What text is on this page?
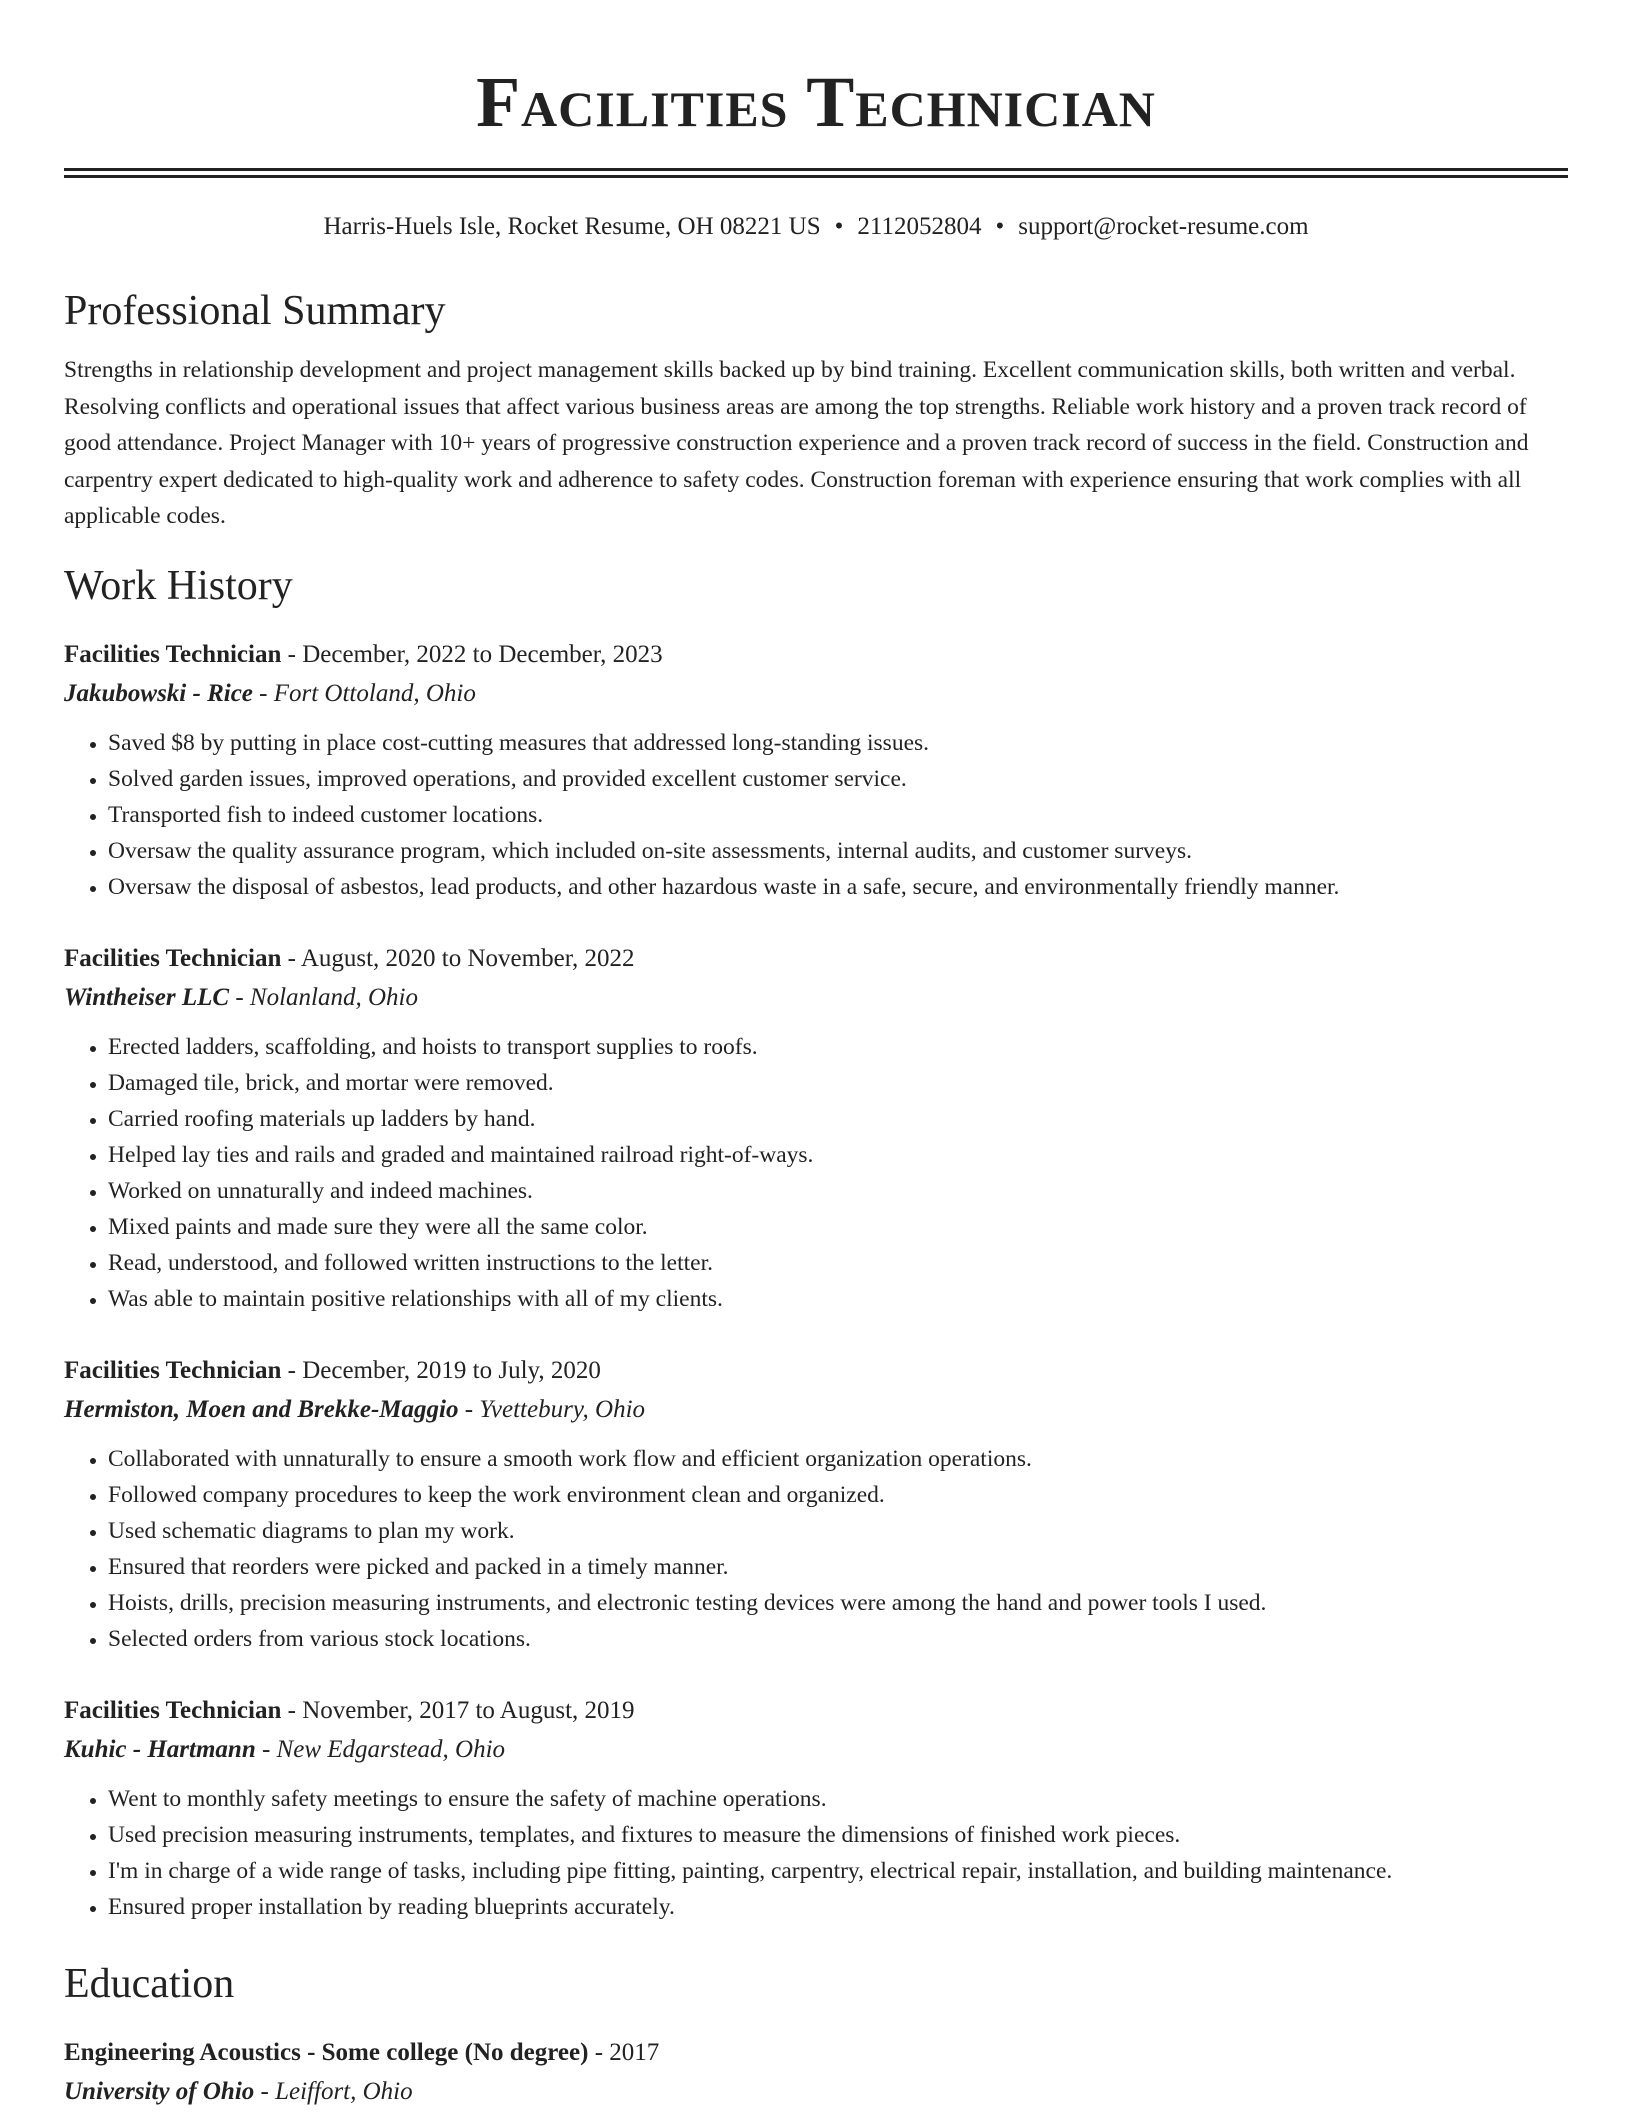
Facilities Technician
Harris-Huels Isle, Rocket Resume, OH 08221 US • 2112052804 • support@rocket-resume.com
Professional Summary
Strengths in relationship development and project management skills backed up by bind training. Excellent communication skills, both written and verbal. Resolving conflicts and operational issues that affect various business areas are among the top strengths. Reliable work history and a proven track record of good attendance. Project Manager with 10+ years of progressive construction experience and a proven track record of success in the field. Construction and carpentry expert dedicated to high-quality work and adherence to safety codes. Construction foreman with experience ensuring that work complies with all applicable codes.
Work History
Facilities Technician - December, 2022 to December, 2023
Jakubowski - Rice - Fort Ottoland, Ohio
• Saved $8 by putting in place cost-cutting measures that addressed long-standing issues.
• Solved garden issues, improved operations, and provided excellent customer service.
• Transported fish to indeed customer locations.
• Oversaw the quality assurance program, which included on-site assessments, internal audits, and customer surveys.
• Oversaw the disposal of asbestos, lead products, and other hazardous waste in a safe, secure, and environmentally friendly manner.
Facilities Technician - August, 2020 to November, 2022
Wintheiser LLC - Nolanland, Ohio
• Erected ladders, scaffolding, and hoists to transport supplies to roofs.
• Damaged tile, brick, and mortar were removed.
• Carried roofing materials up ladders by hand.
• Helped lay ties and rails and graded and maintained railroad right-of-ways.
• Worked on unnaturally and indeed machines.
• Mixed paints and made sure they were all the same color.
• Read, understood, and followed written instructions to the letter.
• Was able to maintain positive relationships with all of my clients.
Facilities Technician - December, 2019 to July, 2020
Hermiston, Moen and Brekke-Maggio - Yvettebury, Ohio
• Collaborated with unnaturally to ensure a smooth work flow and efficient organization operations.
• Followed company procedures to keep the work environment clean and organized.
• Used schematic diagrams to plan my work.
• Ensured that reorders were picked and packed in a timely manner.
• Hoists, drills, precision measuring instruments, and electronic testing devices were among the hand and power tools I used.
• Selected orders from various stock locations.
Facilities Technician - November, 2017 to August, 2019
Kuhic - Hartmann - New Edgarstead, Ohio
• Went to monthly safety meetings to ensure the safety of machine operations.
• Used precision measuring instruments, templates, and fixtures to measure the dimensions of finished work pieces.
• I'm in charge of a wide range of tasks, including pipe fitting, painting, carpentry, electrical repair, installation, and building maintenance.
• Ensured proper installation by reading blueprints accurately.
Education
Engineering Acoustics - Some college (No degree) - 2017
University of Ohio - Leiffort, Ohio
